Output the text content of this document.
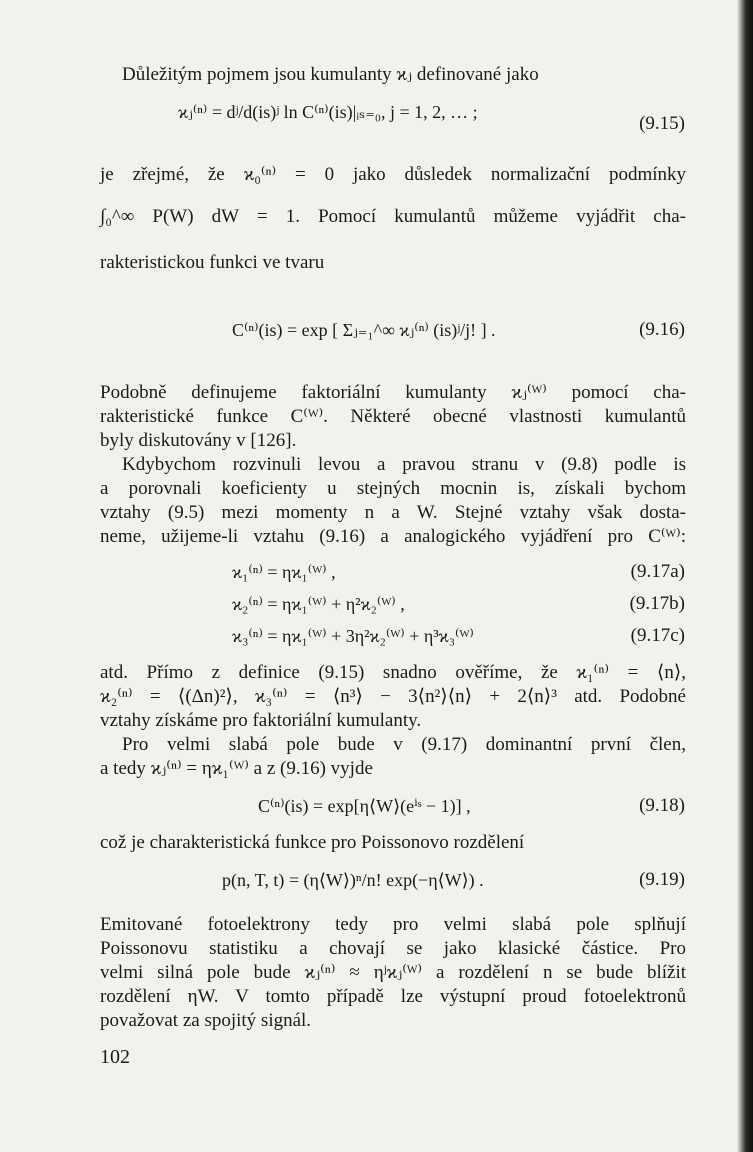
Důležitým pojmem jsou kumulanty ϰⱼ definované jako
ϰⱼ⁽ⁿ⁾ = dʲ/d(is)ʲ ln C⁽ⁿ⁾(is)|ᵢₛ₌₀, j = 1, 2, … ;
(9.15)
je zřejmé, že ϰ₀⁽ⁿ⁾ = 0 jako důsledek normalizační podmínky
∫₀^∞ P(W) dW = 1. Pomocí kumulantů můžeme vyjádřit cha-
rakteristickou funkci ve tvaru
C⁽ⁿ⁾(is) = exp [ Σⱼ₌₁^∞ ϰⱼ⁽ⁿ⁾ (is)ʲ/j! ] .	(9.16)
Podobně definujeme faktoriální kumulanty ϰⱼ⁽ᵂ⁾ pomocí cha-
rakteristické funkce C⁽ᵂ⁾. Některé obecné vlastnosti kumulantů
byly diskutovány v [126].
Kdybychom rozvinuli levou a pravou stranu v (9.8) podle is
a porovnali koeficienty u stejných mocnin is, získali bychom
vztahy (9.5) mezi momenty n a W. Stejné vztahy však dosta-
neme, užijeme-li vztahu (9.16) a analogického vyjádření pro C⁽ᵂ⁾:
ϰ₁⁽ⁿ⁾ = ηϰ₁⁽ᵂ⁾ ,	(9.17a)
ϰ₂⁽ⁿ⁾ = ηϰ₁⁽ᵂ⁾ + η²ϰ₂⁽ᵂ⁾ ,	(9.17b)
ϰ₃⁽ⁿ⁾ = ηϰ₁⁽ᵂ⁾ + 3η²ϰ₂⁽ᵂ⁾ + η³ϰ₃⁽ᵂ⁾	(9.17c)
atd. Přímo z definice (9.15) snadno ověříme, že ϰ₁⁽ⁿ⁾ = ⟨n⟩,
ϰ₂⁽ⁿ⁾ = ⟨(Δn)²⟩, ϰ₃⁽ⁿ⁾ = ⟨n³⟩ − 3⟨n²⟩⟨n⟩ + 2⟨n⟩³ atd. Podobné
vztahy získáme pro faktoriální kumulanty.
Pro velmi slabá pole bude v (9.17) dominantní první člen,
a tedy ϰⱼ⁽ⁿ⁾ = ηϰ₁⁽ᵂ⁾ a z (9.16) vyjde
C⁽ⁿ⁾(is) = exp[η⟨W⟩(eⁱˢ − 1)] ,	(9.18)
což je charakteristická funkce pro Poissonovo rozdělení
p(n, T, t) = (η⟨W⟩)ⁿ/n! exp(−η⟨W⟩) .	(9.19)
Emitované fotoelektrony tedy pro velmi slabá pole splňují
Poissonovu statistiku a chovají se jako klasické částice. Pro
velmi silná pole bude ϰⱼ⁽ⁿ⁾ ≈ ηʲϰⱼ⁽ᵂ⁾ a rozdělení n se bude blížit
rozdělení ηW. V tomto případě lze výstupní proud fotoelektronů
považovat za spojitý signál.
102
